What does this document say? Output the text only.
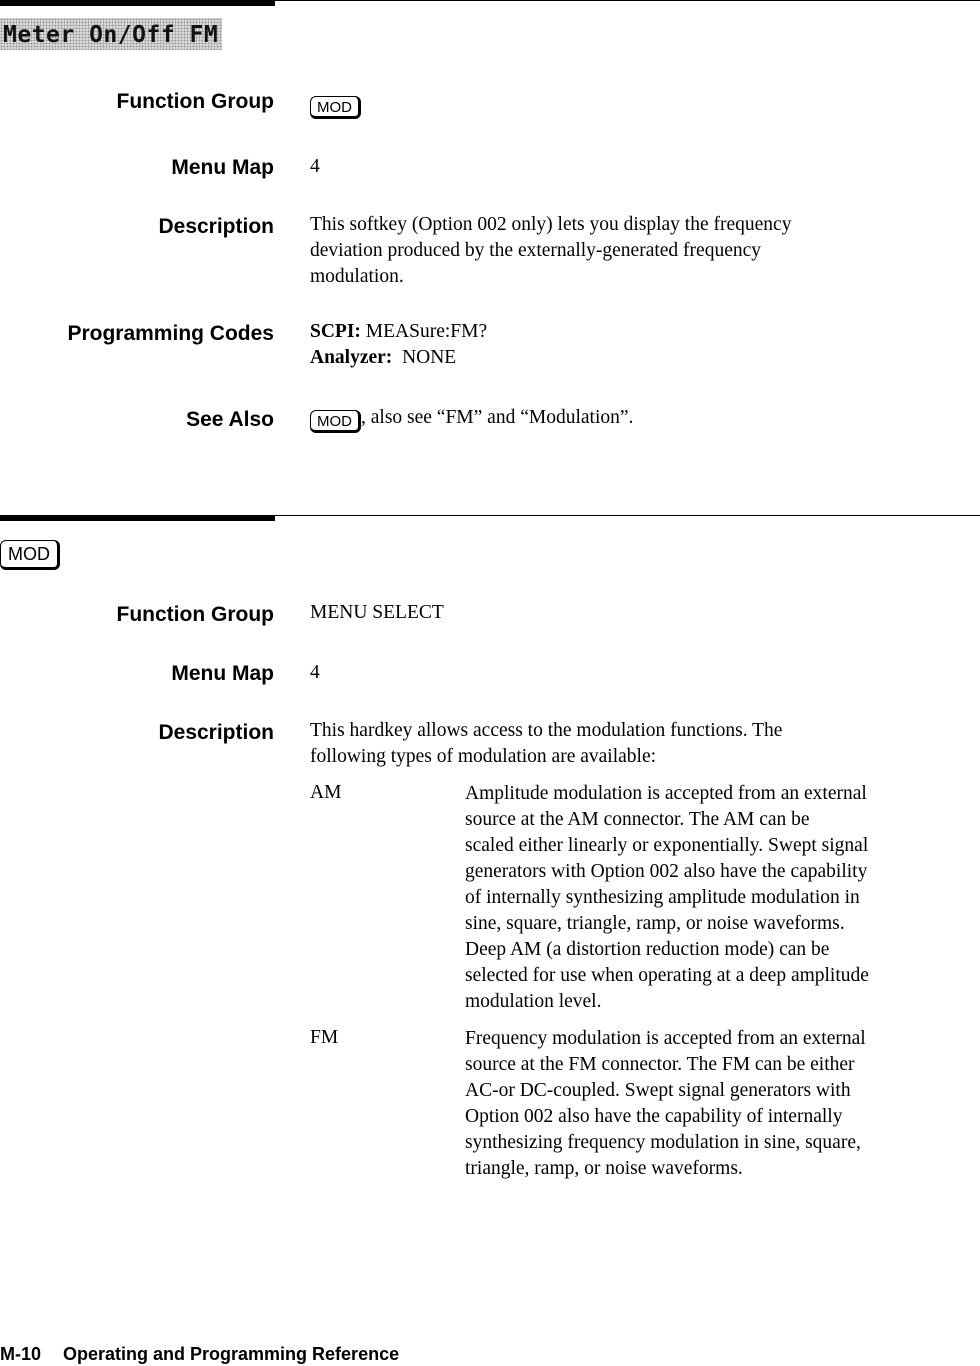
Meter On/Off FM
Function Group	MOD
Menu Map 4
Description This softkey (Option 002 only) lets you display the frequency
deviation produced by the externally-generated frequency
modulation.
Programming Codes SCPI: MEASure:FM?
Analyzer: NONE
See Also	MOD , also see “FM” and “Modulation”.
MOD
Function Group MENU SELECT
Menu Map 4
Description This hardkey allows access to the modulation functions. The
following types of modulation are available:
AM	Amplitude modulation is accepted from an external
source at the AM connector. The AM can be
scaled either linearly or exponentially. Swept signal
generators with Option 002 also have the capability
of internally synthesizing amplitude modulation in
sine, square, triangle, ramp, or noise waveforms.
Deep AM (a distortion reduction mode) can be
selected for use when operating at a deep amplitude
modulation level.
FM	Frequency modulation is accepted from an external
source at the FM connector. The FM can be either
AC-or DC-coupled. Swept signal generators with
Option 002 also have the capability of internally
synthesizing frequency modulation in sine, square,
triangle, ramp, or noise waveforms.
M-10 Operating and Programming Reference
